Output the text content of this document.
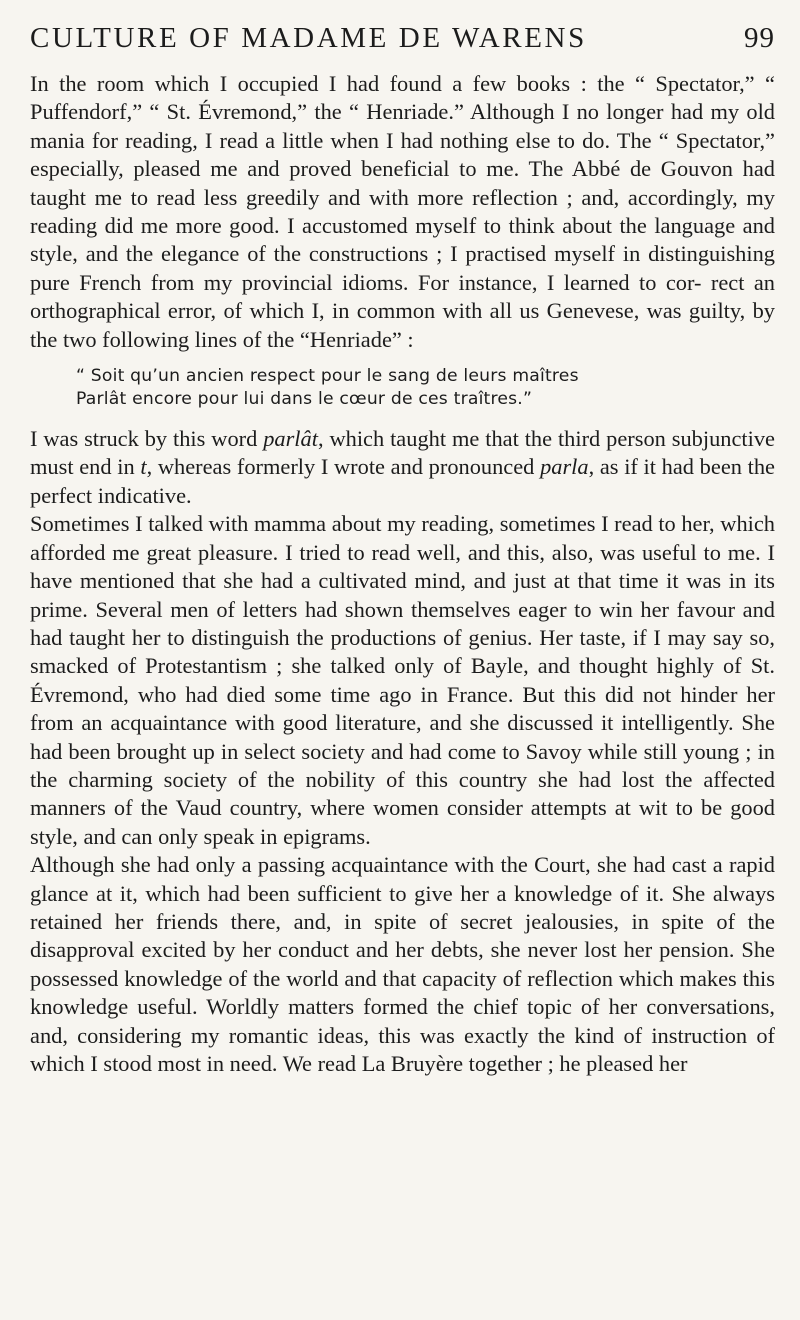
CULTURE OF MADAME DE WARENS	99

In the room which I occupied I had found a few books : the “ Spectator,” “ Puffendorf,” “ St. Évremond,” the “ Henriade.” Although I no longer had my old mania for reading, I read a little when I had nothing else to do. The “ Spectator,” especially, pleased me and proved beneficial to me. The Abbé de Gouvon had taught me to read less greedily and with more reflection ; and, accordingly, my reading did me more good. I accustomed myself to think about the language and style, and the elegance of the constructions ; I practised myself in distinguishing pure French from my provincial idioms. For instance, I learned to cor- rect an orthographical error, of which I, in common with all us Genevese, was guilty, by the two following lines of the “Henriade” :

“ Soit qu’un ancien respect pour le sang de leurs maîtres
Parlât encore pour lui dans le cœur de ces traîtres.”

I was struck by this word parlât, which taught me that the third person subjunctive must end in t, whereas formerly I wrote and pronounced parla, as if it had been the perfect indicative.

Sometimes I talked with mamma about my reading, sometimes I read to her, which afforded me great pleasure. I tried to read well, and this, also, was useful to me. I have mentioned that she had a cultivated mind, and just at that time it was in its prime. Several men of letters had shown themselves eager to win her favour and had taught her to distinguish the productions of genius. Her taste, if I may say so, smacked of Protestantism ; she talked only of Bayle, and thought highly of St. Évremond, who had died some time ago in France. But this did not hinder her from an acquaintance with good literature, and she discussed it intelligently. She had been brought up in select society and had come to Savoy while still young ; in the charming society of the nobility of this country she had lost the affected manners of the Vaud country, where women consider attempts at wit to be good style, and can only speak in epigrams.

Although she had only a passing acquaintance with the Court, she had cast a rapid glance at it, which had been sufficient to give her a knowledge of it. She always retained her friends there, and, in spite of secret jealousies, in spite of the disapproval excited by her conduct and her debts, she never lost her pension. She possessed knowledge of the world and that capacity of reflection which makes this knowledge useful. Worldly matters formed the chief topic of her conversations, and, considering my romantic ideas, this was exactly the kind of instruction of which I stood most in need. We read La Bruyère together ; he pleased her
